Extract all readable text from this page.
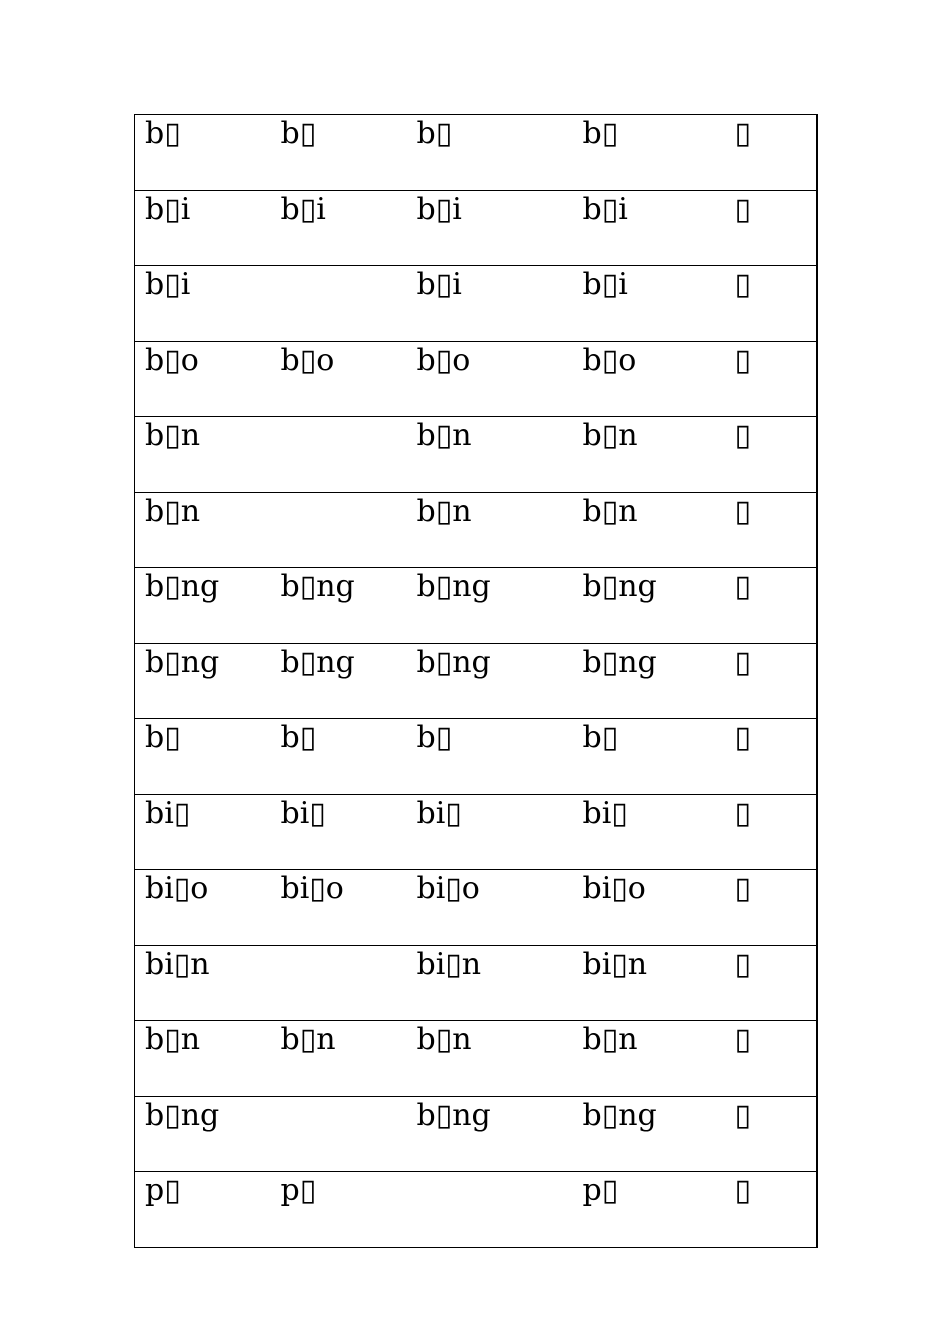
b▯	b▯	b▯	b▯	▯
b▯i	b▯i	b▯i	b▯i	▯
b▯i		b▯i	b▯i	▯
b▯o	b▯o	b▯o	b▯o	▯
b▯n		b▯n	b▯n	▯
b▯n		b▯n	b▯n	▯
b▯ng	b▯ng	b▯ng	b▯ng	▯
b▯ng	b▯ng	b▯ng	b▯ng	▯
b▯	b▯	b▯	b▯	▯
bi▯	bi▯	bi▯	bi▯	▯
bi▯o	bi▯o	bi▯o	bi▯o	▯
bi▯n		bi▯n	bi▯n	▯
b▯n	b▯n	b▯n	b▯n	▯
b▯ng		b▯ng	b▯ng	▯
p▯	p▯		p▯	▯
